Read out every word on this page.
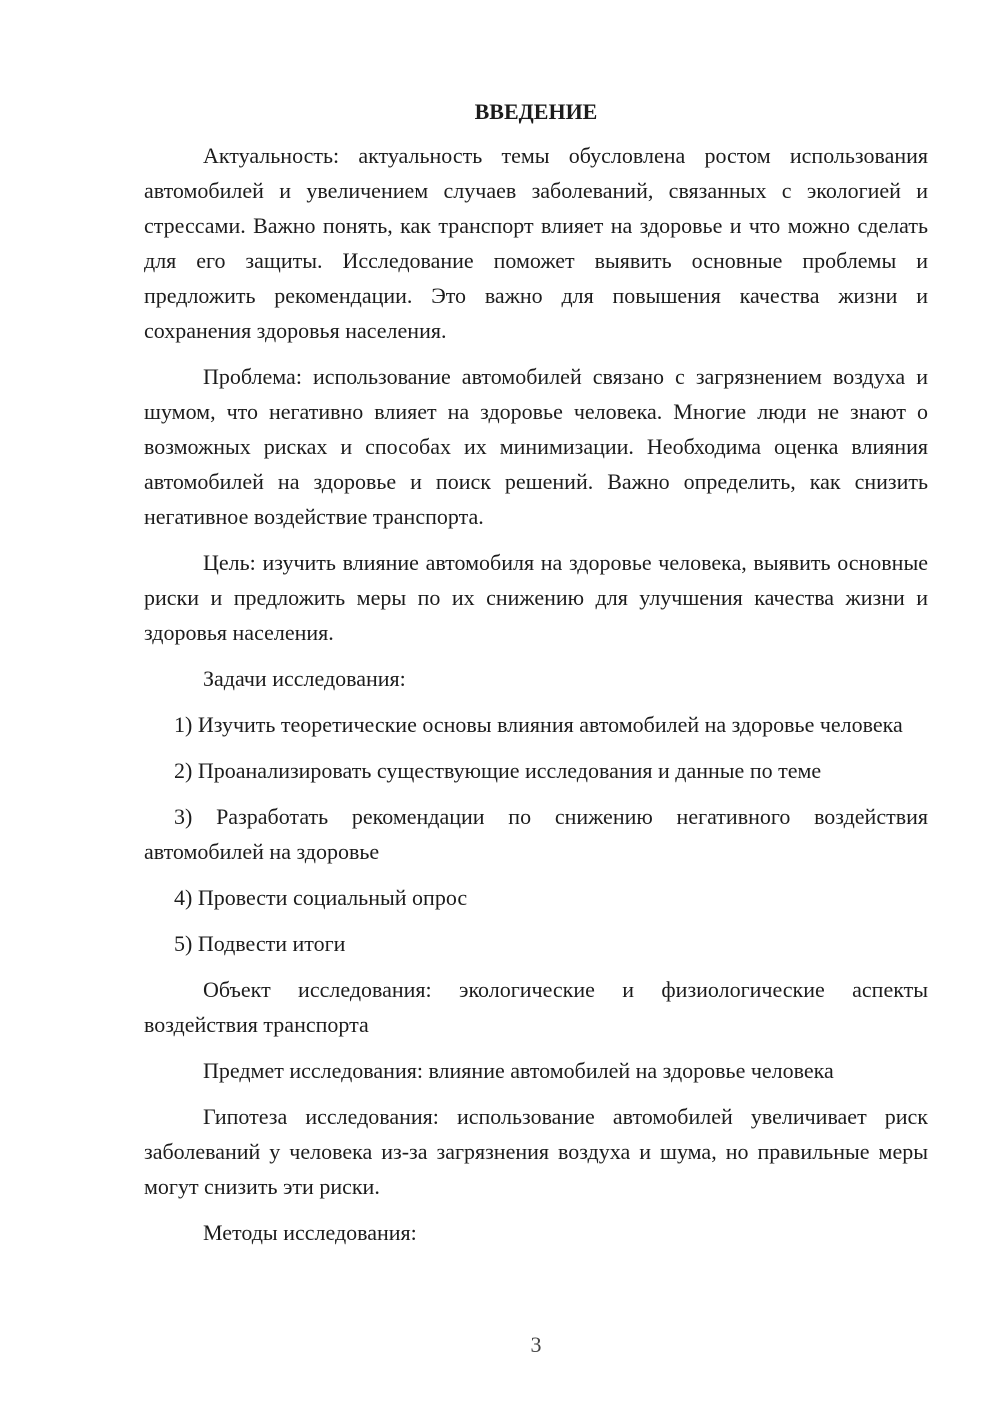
ВВЕДЕНИЕ

Актуальность: актуальность темы обусловлена ростом использования автомобилей и увеличением случаев заболеваний, связанных с экологией и стрессами. Важно понять, как транспорт влияет на здоровье и что можно сделать для его защиты. Исследование поможет выявить основные проблемы и предложить рекомендации. Это важно для повышения качества жизни и сохранения здоровья населения.

Проблема: использование автомобилей связано с загрязнением воздуха и шумом, что негативно влияет на здоровье человека. Многие люди не знают о возможных рисках и способах их минимизации. Необходима оценка влияния автомобилей на здоровье и поиск решений. Важно определить, как снизить негативное воздействие транспорта.

Цель: изучить влияние автомобиля на здоровье человека, выявить основные риски и предложить меры по их снижению для улучшения качества жизни и здоровья населения.

Задачи исследования:

1) Изучить теоретические основы влияния автомобилей на здоровье человека

2) Проанализировать существующие исследования и данные по теме

3) Разработать рекомендации по снижению негативного воздействия автомобилей на здоровье

4) Провести социальный опрос

5) Подвести итоги

Объект исследования: экологические и физиологические аспекты воздействия транспорта

Предмет исследования: влияние автомобилей на здоровье человека

Гипотеза исследования: использование автомобилей увеличивает риск заболеваний у человека из-за загрязнения воздуха и шума, но правильные меры могут снизить эти риски.

Методы исследования:

3
